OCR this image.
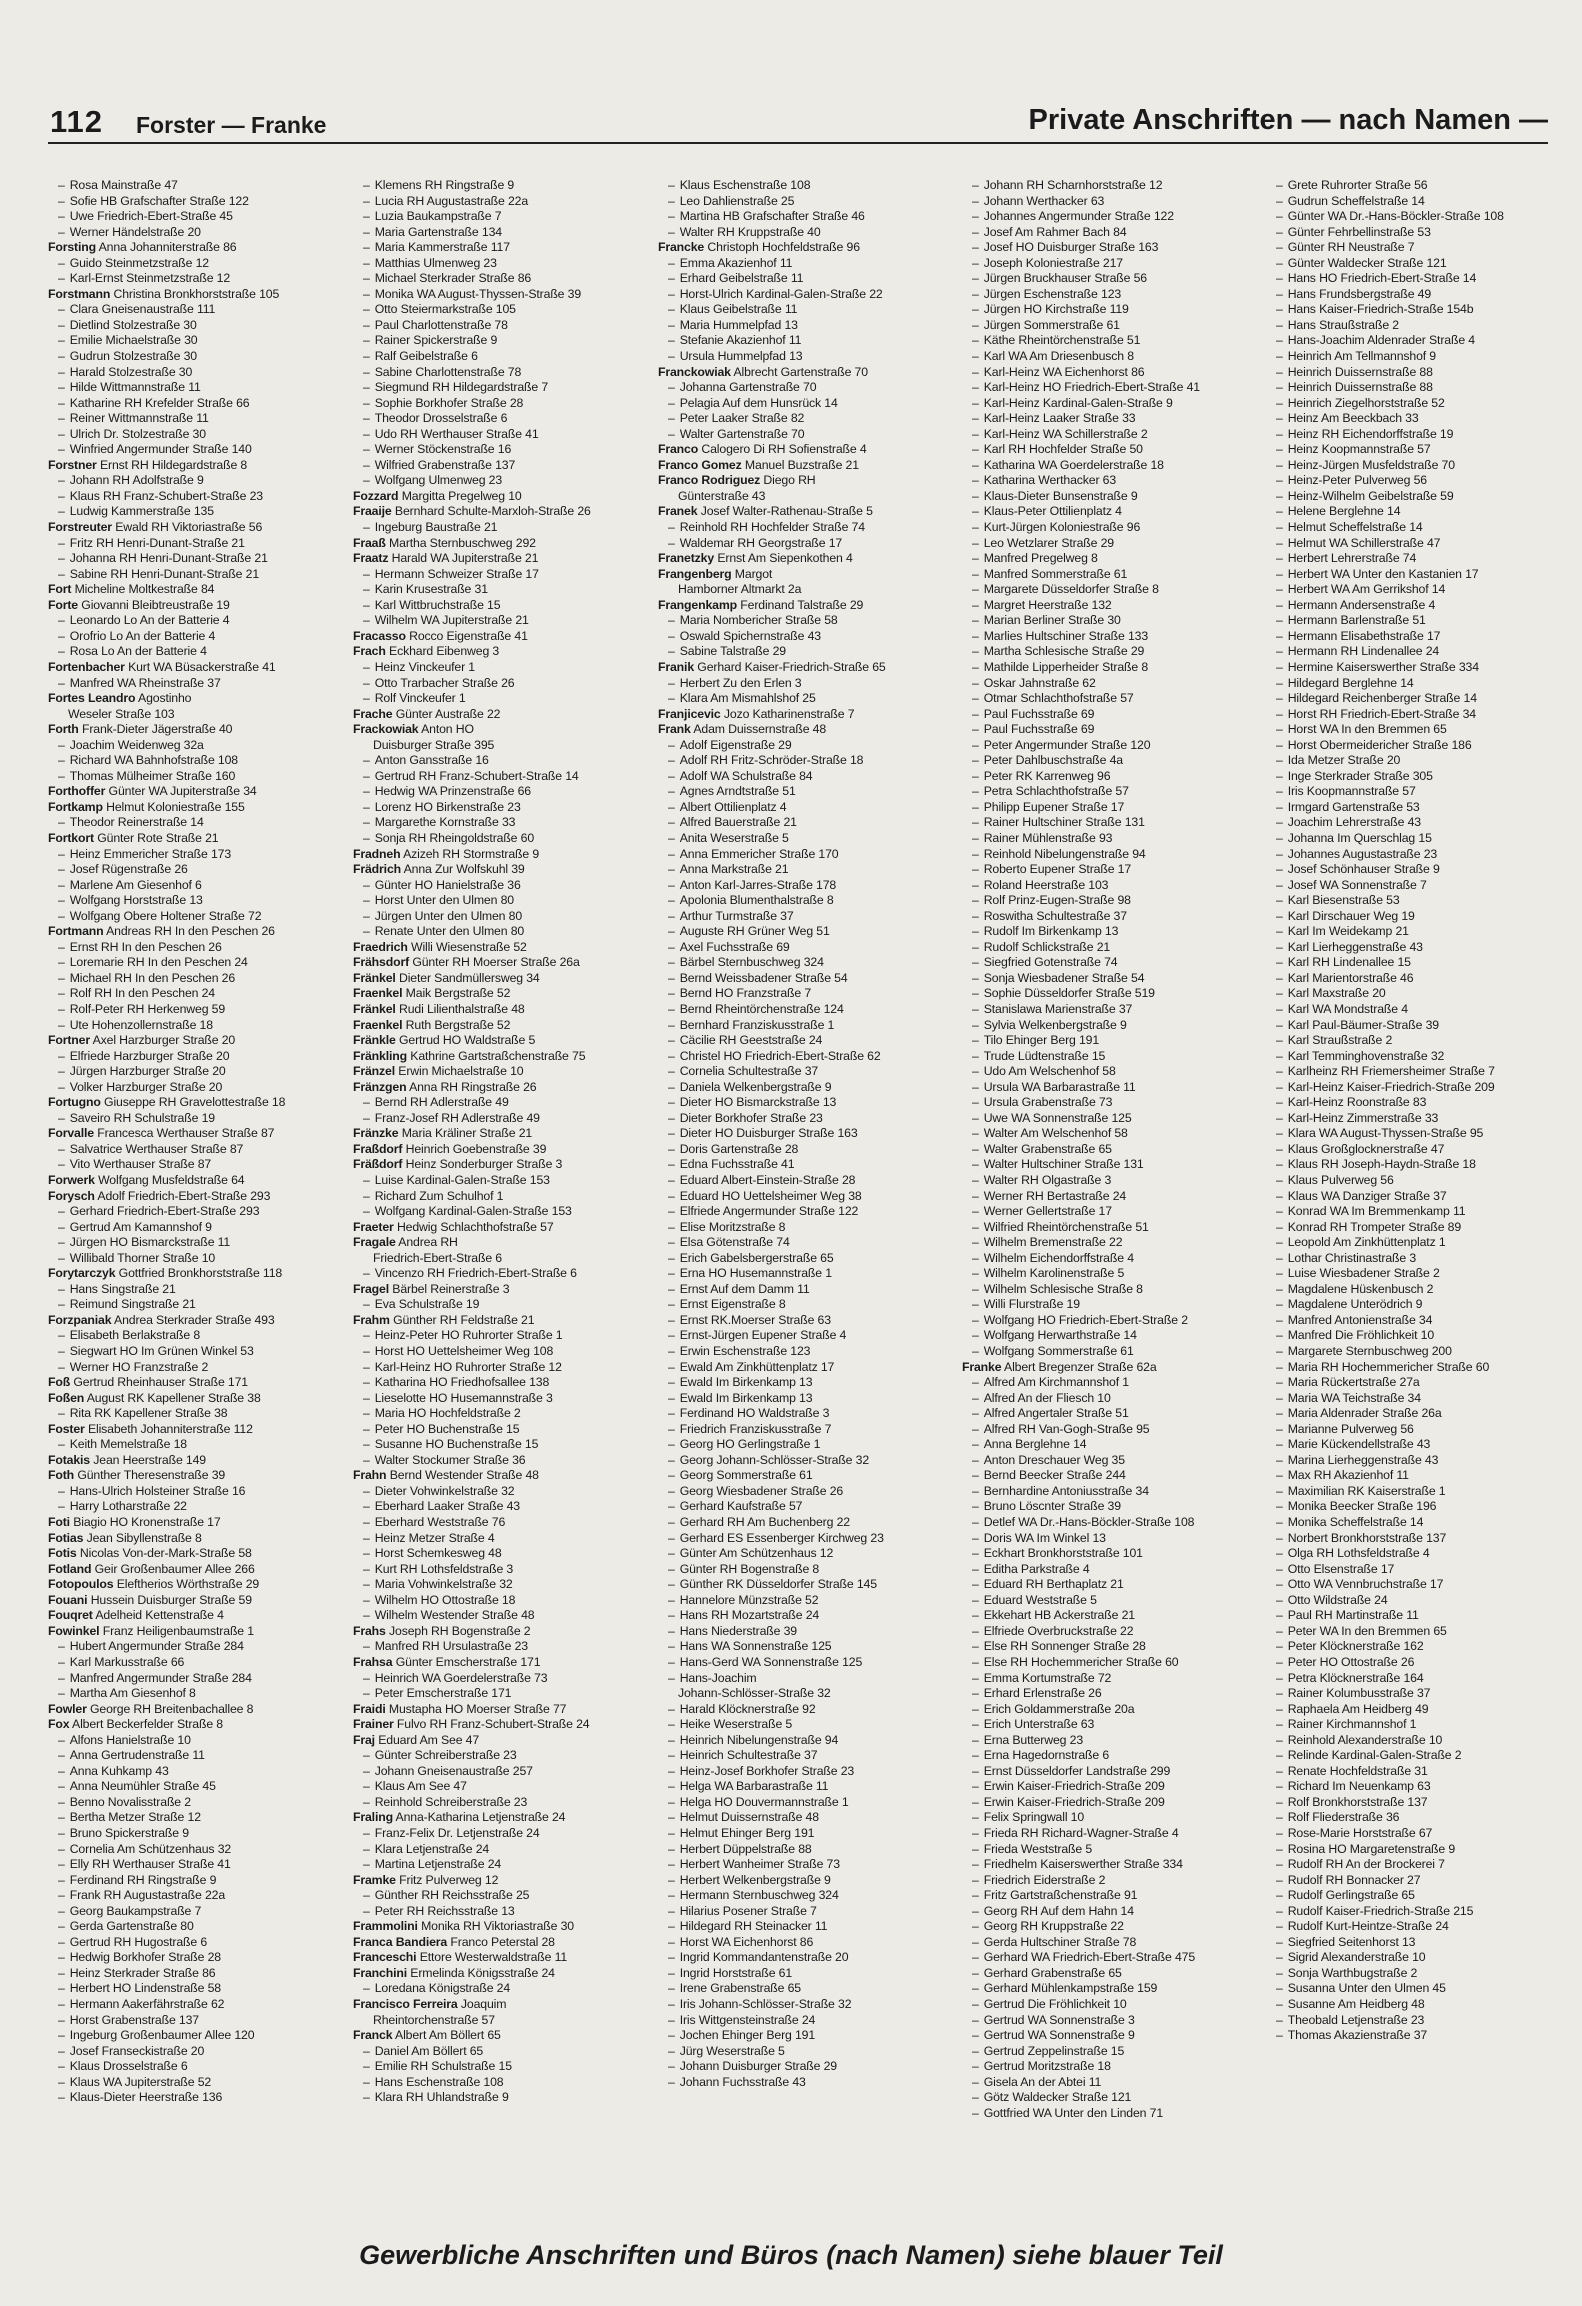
112 Forster — Franke	Private Anschriften — nach Namen —
– Rosa Mainstraße 47
– Sofie HB Grafschafter Straße 122
– Uwe Friedrich-Ebert-Straße 45
– Werner Händelstraße 20
Forsting Anna Johanniterstraße 86
– Guido Steinmetzstraße 12
– Karl-Ernst Steinmetzstraße 12
Forstmann Christina Bronkhorststraße 105
– Clara Gneisenaustraße 111
– Dietlind Stolzestraße 30
– Emilie Michaelstraße 30
– Gudrun Stolzestraße 30
– Harald Stolzestraße 30
– Hilde Wittmannstraße 11
– Katharine RH Krefelder Straße 66
– Reiner Wittmannstraße 11
– Ulrich Dr. Stolzestraße 30
– Winfried Angermunder Straße 140
Forstner Ernst RH Hildegardstraße 8
– Johann RH Adolfstraße 9
– Klaus RH Franz-Schubert-Straße 23
– Ludwig Kammerstraße 135
Forstreuter Ewald RH Viktoriastraße 56
– Fritz RH Henri-Dunant-Straße 21
– Johanna RH Henri-Dunant-Straße 21
– Sabine RH Henri-Dunant-Straße 21
Fort Micheline Moltkestraße 84
Forte Giovanni Bleibtreustraße 19
– Leonardo Lo An der Batterie 4
– Orofrio Lo An der Batterie 4
– Rosa Lo An der Batterie 4
Fortenbacher Kurt WA Büsackerstraße 41
– Manfred WA Rheinstraße 37
Fortes Leandro Agostinho
Weseler Straße 103
Forth Frank-Dieter Jägerstraße 40
– Joachim Weidenweg 32a
– Richard WA Bahnhofstraße 108
– Thomas Mülheimer Straße 160
Forthoffer Günter WA Jupiterstraße 34
Fortkamp Helmut Koloniestraße 155
– Theodor Reinerstraße 14
Fortkort Günter Rote Straße 21
– Heinz Emmericher Straße 173
– Josef Rügenstraße 26
– Marlene Am Giesenhof 6
– Wolfgang Horststraße 13
– Wolfgang Obere Holtener Straße 72
Fortmann Andreas RH In den Peschen 26
– Ernst RH In den Peschen 26
– Loremarie RH In den Peschen 24
– Michael RH In den Peschen 26
– Rolf RH In den Peschen 24
– Rolf-Peter RH Herkenweg 59
– Ute Hohenzollernstraße 18
Fortner Axel Harzburger Straße 20
– Elfriede Harzburger Straße 20
– Jürgen Harzburger Straße 20
– Volker Harzburger Straße 20
Fortugno Giuseppe RH Gravelottestraße 18
– Saveiro RH Schulstraße 19
Forvalle Francesca Werthauser Straße 87
– Salvatrice Werthauser Straße 87
– Vito Werthauser Straße 87
Forwerk Wolfgang Musfeldstraße 64
Forysch Adolf Friedrich-Ebert-Straße 293
– Gerhard Friedrich-Ebert-Straße 293
– Gertrud Am Kamannshof 9
– Jürgen HO Bismarckstraße 11
– Willibald Thorner Straße 10
Forytarczyk Gottfried Bronkhorststraße 118
– Hans Singstraße 21
– Reimund Singstraße 21
Forzpaniak Andrea Sterkrader Straße 493
– Elisabeth Berlakstraße 8
– Siegwart HO Im Grünen Winkel 53
– Werner HO Franzstraße 2
Foß Gertrud Rheinhauser Straße 171
Foßen August RK Kapellener Straße 38
– Rita RK Kapellener Straße 38
Foster Elisabeth Johanniterstraße 112
– Keith Memelstraße 18
Fotakis Jean Heerstraße 149
Foth Günther Theresenstraße 39
– Hans-Ulrich Holsteiner Straße 16
– Harry Lotharstraße 22
Foti Biagio HO Kronenstraße 17
Fotias Jean Sibyllenstraße 8
Fotis Nicolas Von-der-Mark-Straße 58
Fotland Geir Großenbaumer Allee 266
Fotopoulos Eleftherios Wörthstraße 29
Fouani Hussein Duisburger Straße 59
Fouqret Adelheid Kettenstraße 4
Fowinkel Franz Heiligenbaumstraße 1
– Hubert Angermunder Straße 284
– Karl Markusstraße 66
– Manfred Angermunder Straße 284
– Martha Am Giesenhof 8
Fowler George RH Breitenbachallee 8
Fox Albert Beckerfelder Straße 8
– Alfons Hanielstraße 10
– Anna Gertrudenstraße 11
– Anna Kuhkamp 43
– Anna Neumühler Straße 45
– Benno Novalisstraße 2
– Bertha Metzer Straße 12
– Bruno Spickerstraße 9
– Cornelia Am Schützenhaus 32
– Elly RH Werthauser Straße 41
– Ferdinand RH Ringstraße 9
– Frank RH Augustastraße 22a
– Georg Baukampstraße 7
– Gerda Gartenstraße 80
– Gertrud RH Hugostraße 6
– Hedwig Borkhofer Straße 28
– Heinz Sterkrader Straße 86
– Herbert HO Lindenstraße 58
– Hermann Aakerfährstraße 62
– Horst Grabenstraße 137
– Ingeburg Großenbaumer Allee 120
– Josef Franseckistraße 20
– Klaus Drosselstraße 6
– Klaus WA Jupiterstraße 52
– Klaus-Dieter Heerstraße 136
– Klemens RH Ringstraße 9
– Lucia RH Augustastraße 22a
– Luzia Baukampstraße 7
– Maria Gartenstraße 134
– Maria Kammerstraße 117
– Matthias Ulmenweg 23
– Michael Sterkrader Straße 86
– Monika WA August-Thyssen-Straße 39
– Otto Steiermarkstraße 105
– Paul Charlottenstraße 78
– Rainer Spickerstraße 9
– Ralf Geibelstraße 6
– Sabine Charlottenstraße 78
– Siegmund RH Hildegardstraße 7
– Sophie Borkhofer Straße 28
– Theodor Drosselstraße 6
– Udo RH Werthauser Straße 41
– Werner Stöckenstraße 16
– Wilfried Grabenstraße 137
– Wolfgang Ulmenweg 23
Fozzard Margitta Pregelweg 10
Fraaije Bernhard Schulte-Marxloh-Straße 26
– Ingeburg Baustraße 21
Fraaß Martha Sternbuschweg 292
Fraatz Harald WA Jupiterstraße 21
– Hermann Schweizer Straße 17
– Karin Krusestraße 31
– Karl Wittbruchstraße 15
– Wilhelm WA Jupiterstraße 21
Fracasso Rocco Eigenstraße 41
Frach Eckhard Eibenweg 3
– Heinz Vinckeufer 1
– Otto Trarbacher Straße 26
– Rolf Vinckeufer 1
Frache Günter Austraße 22
Frackowiak Anton HO
Duisburger Straße 395
– Anton Gansstraße 16
– Gertrud RH Franz-Schubert-Straße 14
– Hedwig WA Prinzenstraße 66
– Lorenz HO Birkenstraße 23
– Margarethe Kornstraße 33
– Sonja RH Rheingoldstraße 60
Fradneh Azizeh RH Stormstraße 9
Frädrich Anna Zur Wolfskuhl 39
– Günter HO Hanielstraße 36
– Horst Unter den Ulmen 80
– Jürgen Unter den Ulmen 80
– Renate Unter den Ulmen 80
Fraedrich Willi Wiesenstraße 52
Frähsdorf Günter RH Moerser Straße 26a
Fränkel Dieter Sandmüllersweg 34
Fraenkel Maik Bergstraße 52
Fränkel Rudi Lilienthalstraße 48
Fraenkel Ruth Bergstraße 52
Fränkle Gertrud HO Waldstraße 5
Fränkling Kathrine Gartstraßchenstraße 75
Fränzel Erwin Michaelstraße 10
Fränzgen Anna RH Ringstraße 26
– Bernd RH Adlerstraße 49
– Franz-Josef RH Adlerstraße 49
Fränzke Maria Kräliner Straße 21
Fraßdorf Heinrich Goebenstraße 39
Fräßdorf Heinz Sonderburger Straße 3
– Luise Kardinal-Galen-Straße 153
– Richard Zum Schulhof 1
– Wolfgang Kardinal-Galen-Straße 153
Fraeter Hedwig Schlachthofstraße 57
Fragale Andrea RH
Friedrich-Ebert-Straße 6
– Vincenzo RH Friedrich-Ebert-Straße 6
Fragel Bärbel Reinerstraße 3
– Eva Schulstraße 19
Frahm Günther RH Feldstraße 21
– Heinz-Peter HO Ruhrorter Straße 1
– Horst HO Uettelsheimer Weg 108
– Karl-Heinz HO Ruhrorter Straße 12
– Katharina HO Friedhofsallee 138
– Lieselotte HO Husemannstraße 3
– Maria HO Hochfeldstraße 2
– Peter HO Buchenstraße 15
– Susanne HO Buchenstraße 15
– Walter Stockumer Straße 36
Frahn Bernd Westender Straße 48
– Dieter Vohwinkelstraße 32
– Eberhard Laaker Straße 43
– Eberhard Weststraße 76
– Heinz Metzer Straße 4
– Horst Schemkesweg 48
– Kurt RH Lothsfeldstraße 3
– Maria Vohwinkelstraße 32
– Wilhelm HO Ottostraße 18
– Wilhelm Westender Straße 48
Frahs Joseph RH Bogenstraße 2
– Manfred RH Ursulastraße 23
Frahsa Günter Emscherstraße 171
– Heinrich WA Goerdelerstraße 73
– Peter Emscherstraße 171
Fraidi Mustapha HO Moerser Straße 77
Frainer Fulvo RH Franz-Schubert-Straße 24
Fraj Eduard Am See 47
– Günter Schreiberstraße 23
– Johann Gneisenaustraße 257
– Klaus Am See 47
– Reinhold Schreiberstraße 23
Fraling Anna-Katharina Letjenstraße 24
– Franz-Felix Dr. Letjenstraße 24
– Klara Letjenstraße 24
– Martina Letjenstraße 24
Framke Fritz Pulverweg 12
– Günther RH Reichsstraße 25
– Peter RH Reichsstraße 13
Frammolini Monika RH Viktoriastraße 30
Franca Bandiera Franco Peterstal 28
Franceschi Ettore Westerwaldstraße 11
Franchini Ermelinda Königsstraße 24
– Loredana Königstraße 24
Francisco Ferreira Joaquim
Rheintorchenstraße 57
Franck Albert Am Böllert 65
– Daniel Am Böllert 65
– Emilie RH Schulstraße 15
– Hans Eschenstraße 108
– Klara RH Uhlandstraße 9
– Klaus Eschenstraße 108
– Leo Dahlienstraße 25
– Martina HB Grafschafter Straße 46
– Walter RH Kruppstraße 40
Francke Christoph Hochfeldstraße 96
– Emma Akazienhof 11
– Erhard Geibelstraße 11
– Horst-Ulrich Kardinal-Galen-Straße 22
– Klaus Geibelstraße 11
– Maria Hummelpfad 13
– Stefanie Akazienhof 11
– Ursula Hummelpfad 13
Franckowiak Albrecht Gartenstraße 70
– Johanna Gartenstraße 70
– Pelagia Auf dem Hunsrück 14
– Peter Laaker Straße 82
– Walter Gartenstraße 70
Franco Calogero Di RH Sofienstraße 4
Franco Gomez Manuel Buzstraße 21
Franco Rodriguez Diego RH
Günterstraße 43
Franek Josef Walter-Rathenau-Straße 5
– Reinhold RH Hochfelder Straße 74
– Waldemar RH Georgstraße 17
Franetzky Ernst Am Siepenkothen 4
Frangenberg Margot
Hamborner Altmarkt 2a
Frangenkamp Ferdinand Talstraße 29
– Maria Nombericher Straße 58
– Oswald Spichernstraße 43
– Sabine Talstraße 29
Franik Gerhard Kaiser-Friedrich-Straße 65
– Herbert Zu den Erlen 3
– Klara Am Mismahlshof 25
Franjicevic Jozo Katharinenstraße 7
Frank Adam Duissernstraße 48
– Adolf Eigenstraße 29
– Adolf RH Fritz-Schröder-Straße 18
– Adolf WA Schulstraße 84
– Agnes Arndtstraße 51
– Albert Ottilienplatz 4
– Alfred Bauerstraße 21
– Anita Weserstraße 5
– Anna Emmericher Straße 170
– Anna Markstraße 21
– Anton Karl-Jarres-Straße 178
– Apolonia Blumenthalstraße 8
– Arthur Turmstraße 37
– Auguste RH Grüner Weg 51
– Axel Fuchsstraße 69
– Bärbel Sternbuschweg 324
– Bernd Weissbadener Straße 54
– Bernd HO Franzstraße 7
– Bernd Rheintörchenstraße 124
– Bernhard Franziskusstraße 1
– Cäcilie RH Geeststraße 24
– Christel HO Friedrich-Ebert-Straße 62
– Cornelia Schultestraße 37
– Daniela Welkenbergstraße 9
– Dieter HO Bismarckstraße 13
– Dieter Borkhofer Straße 23
– Dieter HO Duisburger Straße 163
– Doris Gartenstraße 28
– Edna Fuchsstraße 41
– Eduard Albert-Einstein-Straße 28
– Eduard HO Uettelsheimer Weg 38
– Elfriede Angermunder Straße 122
– Elise Moritzstraße 8
– Elsa Götenstraße 74
– Erich Gabelsbergerstraße 65
– Erna HO Husemannstraße 1
– Ernst Auf dem Damm 11
– Ernst Eigenstraße 8
– Ernst RK.Moerser Straße 63
– Ernst-Jürgen Eupener Straße 4
– Erwin Eschenstraße 123
– Ewald Am Zinkhüttenplatz 17
– Ewald Im Birkenkamp 13
– Ewald Im Birkenkamp 13
– Ferdinand HO Waldstraße 3
– Friedrich Franziskusstraße 7
– Georg HO Gerlingstraße 1
– Georg Johann-Schlösser-Straße 32
– Georg Sommerstraße 61
– Georg Wiesbadener Straße 26
– Gerhard Kaufstraße 57
– Gerhard RH Am Buchenberg 22
– Gerhard ES Essenberger Kirchweg 23
– Günter Am Schützenhaus 12
– Günter RH Bogenstraße 8
– Günther RK Düsseldorfer Straße 145
– Hannelore Münzstraße 52
– Hans RH Mozartstraße 24
– Hans Niederstraße 39
– Hans WA Sonnenstraße 125
– Hans-Gerd WA Sonnenstraße 125
– Hans-Joachim
Johann-Schlösser-Straße 32
– Harald Klöcknerstraße 92
– Heike Weserstraße 5
– Heinrich Nibelungenstraße 94
– Heinrich Schultestraße 37
– Heinz-Josef Borkhofer Straße 23
– Helga WA Barbarastraße 11
– Helga HO Douvermannstraße 1
– Helmut Duissernstraße 48
– Helmut Ehinger Berg 191
– Herbert Düppelstraße 88
– Herbert Wanheimer Straße 73
– Herbert Welkenbergstraße 9
– Hermann Sternbuschweg 324
– Hilarius Posener Straße 7
– Hildegard RH Steinacker 11
– Horst WA Eichenhorst 86
– Ingrid Kommandantenstraße 20
– Ingrid Horststraße 61
– Irene Grabenstraße 65
– Iris Johann-Schlösser-Straße 32
– Iris Wittgensteinstraße 24
– Jochen Ehinger Berg 191
– Jürg Weserstraße 5
– Johann Duisburger Straße 29
– Johann Fuchsstraße 43
– Johann RH Scharnhorststraße 12
– Johann Werthacker 63
– Johannes Angermunder Straße 122
– Josef Am Rahmer Bach 84
– Josef HO Duisburger Straße 163
– Joseph Koloniestraße 217
– Jürgen Bruckhauser Straße 56
– Jürgen Eschenstraße 123
– Jürgen HO Kirchstraße 119
– Jürgen Sommerstraße 61
– Käthe Rheintörchenstraße 51
– Karl WA Am Driesenbusch 8
– Karl-Heinz WA Eichenhorst 86
– Karl-Heinz HO Friedrich-Ebert-Straße 41
– Karl-Heinz Kardinal-Galen-Straße 9
– Karl-Heinz Laaker Straße 33
– Karl-Heinz WA Schillerstraße 2
– Karl RH Hochfelder Straße 50
– Katharina WA Goerdelerstraße 18
– Katharina Werthacker 63
– Klaus-Dieter Bunsenstraße 9
– Klaus-Peter Ottilienplatz 4
– Kurt-Jürgen Koloniestraße 96
– Leo Wetzlarer Straße 29
– Manfred Pregelweg 8
– Manfred Sommerstraße 61
– Margarete Düsseldorfer Straße 8
– Margret Heerstraße 132
– Marian Berliner Straße 30
– Marlies Hultschiner Straße 133
– Martha Schlesische Straße 29
– Mathilde Lipperheider Straße 8
– Oskar Jahnstraße 62
– Otmar Schlachthofstraße 57
– Paul Fuchsstraße 69
– Paul Fuchsstraße 69
– Peter Angermunder Straße 120
– Peter Dahlbuschstraße 4a
– Peter RK Karrenweg 96
– Petra Schlachthofstraße 57
– Philipp Eupener Straße 17
– Rainer Hultschiner Straße 131
– Rainer Mühlenstraße 93
– Reinhold Nibelungenstraße 94
– Roberto Eupener Straße 17
– Roland Heerstraße 103
– Rolf Prinz-Eugen-Straße 98
– Roswitha Schultestraße 37
– Rudolf Im Birkenkamp 13
– Rudolf Schlickstraße 21
– Siegfried Gotenstraße 74
– Sonja Wiesbadener Straße 54
– Sophie Düsseldorfer Straße 519
– Stanislawa Marienstraße 37
– Sylvia Welkenbergstraße 9
– Tilo Ehinger Berg 191
– Trude Lüdtenstraße 15
– Udo Am Welschenhof 58
– Ursula WA Barbarastraße 11
– Ursula Grabenstraße 73
– Uwe WA Sonnenstraße 125
– Walter Am Welschenhof 58
– Walter Grabenstraße 65
– Walter Hultschiner Straße 131
– Walter RH Olgastraße 3
– Werner RH Bertastraße 24
– Werner Gellertstraße 17
– Wilfried Rheintörchenstraße 51
– Wilhelm Bremenstraße 22
– Wilhelm Eichendorffstraße 4
– Wilhelm Karolinenstraße 5
– Wilhelm Schlesische Straße 8
– Willi Flurstraße 19
– Wolfgang HO Friedrich-Ebert-Straße 2
– Wolfgang Herwarthstraße 14
– Wolfgang Sommerstraße 61
Franke Albert Bregenzer Straße 62a
– Alfred Am Kirchmannshof 1
– Alfred An der Fliesch 10
– Alfred Angertaler Straße 51
– Alfred RH Van-Gogh-Straße 95
– Anna Berglehne 14
– Anton Dreschauer Weg 35
– Bernd Beecker Straße 244
– Bernhardine Antoniusstraße 34
– Bruno Löscnter Straße 39
– Detlef WA Dr.-Hans-Böckler-Straße 108
– Doris WA Im Winkel 13
– Eckhart Bronkhorststraße 101
– Editha Parkstraße 4
– Eduard RH Berthaplatz 21
– Eduard Weststraße 5
– Ekkehart HB Ackerstraße 21
– Elfriede Overbruckstraße 22
– Else RH Sonnenger Straße 28
– Else RH Hochemmericher Straße 60
– Emma Kortumstraße 72
– Erhard Erlenstraße 26
– Erich Goldammerstraße 20a
– Erich Unterstraße 63
– Erna Butterweg 23
– Erna Hagedornstraße 6
– Ernst Düsseldorfer Landstraße 299
– Erwin Kaiser-Friedrich-Straße 209
– Erwin Kaiser-Friedrich-Straße 209
– Felix Springwall 10
– Frieda RH Richard-Wagner-Straße 4
– Frieda Weststraße 5
– Friedhelm Kaiserswerther Straße 334
– Friedrich Eiderstraße 2
– Fritz Gartstraßchenstraße 91
– Georg RH Auf dem Hahn 14
– Georg RH Kruppstraße 22
– Gerda Hultschiner Straße 78
– Gerhard WA Friedrich-Ebert-Straße 475
– Gerhard Grabenstraße 65
– Gerhard Mühlenkampstraße 159
– Gertrud Die Fröhlichkeit 10
– Gertrud WA Sonnenstraße 3
– Gertrud WA Sonnenstraße 9
– Gertrud Zeppelinstraße 15
– Gertrud Moritzstraße 18
– Gisela An der Abtei 11
– Götz Waldecker Straße 121
– Gottfried WA Unter den Linden 71
– Grete Ruhrorter Straße 56
– Gudrun Scheffelstraße 14
– Günter WA Dr.-Hans-Böckler-Straße 108
– Günter Fehrbellinstraße 53
– Günter RH Neustraße 7
– Günter Waldecker Straße 121
– Hans HO Friedrich-Ebert-Straße 14
– Hans Frundsbergstraße 49
– Hans Kaiser-Friedrich-Straße 154b
– Hans Straußstraße 2
– Hans-Joachim Aldenrader Straße 4
– Heinrich Am Tellmannshof 9
– Heinrich Duissernstraße 88
– Heinrich Duissernstraße 88
– Heinrich Ziegelhorststraße 52
– Heinz Am Beeckbach 33
– Heinz RH Eichendorffstraße 19
– Heinz Koopmannstraße 57
– Heinz-Jürgen Musfeldstraße 70
– Heinz-Peter Pulverweg 56
– Heinz-Wilhelm Geibelstraße 59
– Helene Berglehne 14
– Helmut Scheffelstraße 14
– Helmut WA Schillerstraße 47
– Herbert Lehrerstraße 74
– Herbert WA Unter den Kastanien 17
– Herbert WA Am Gerrikshof 14
– Hermann Andersenstraße 4
– Hermann Barlenstraße 51
– Hermann Elisabethstraße 17
– Hermann RH Lindenallee 24
– Hermine Kaiserswerther Straße 334
– Hildegard Berglehne 14
– Hildegard Reichenberger Straße 14
– Horst RH Friedrich-Ebert-Straße 34
– Horst WA In den Bremmen 65
– Horst Obermeidericher Straße 186
– Ida Metzer Straße 20
– Inge Sterkrader Straße 305
– Iris Koopmannstraße 57
– Irmgard Gartenstraße 53
– Joachim Lehrerstraße 43
– Johanna Im Querschlag 15
– Johannes Augustastraße 23
– Josef Schönhauser Straße 9
– Josef WA Sonnenstraße 7
– Karl Biesenstraße 53
– Karl Dirschauer Weg 19
– Karl Im Weidekamp 21
– Karl Lierheggenstraße 43
– Karl RH Lindenallee 15
– Karl Marientorstraße 46
– Karl Maxstraße 20
– Karl WA Mondstraße 4
– Karl Paul-Bäumer-Straße 39
– Karl Straußstraße 2
– Karl Temminghovenstraße 32
– Karlheinz RH Friemersheimer Straße 7
– Karl-Heinz Kaiser-Friedrich-Straße 209
– Karl-Heinz Roonstraße 83
– Karl-Heinz Zimmerstraße 33
– Klara WA August-Thyssen-Straße 95
– Klaus Großglocknerstraße 47
– Klaus RH Joseph-Haydn-Straße 18
– Klaus Pulverweg 56
– Klaus WA Danziger Straße 37
– Konrad WA Im Bremmenkamp 11
– Konrad RH Trompeter Straße 89
– Leopold Am Zinkhüttenplatz 1
– Lothar Christinastraße 3
– Luise Wiesbadener Straße 2
– Magdalene Hüskenbusch 2
– Magdalene Unterödrich 9
– Manfred Antonienstraße 34
– Manfred Die Fröhlichkeit 10
– Margarete Sternbuschweg 200
– Maria RH Hochemmericher Straße 60
– Maria Rückertstraße 27a
– Maria WA Teichstraße 34
– Maria Aldenrader Straße 26a
– Marianne Pulverweg 56
– Marie Kückendellstraße 43
– Marina Lierheggenstraße 43
– Max RH Akazienhof 11
– Maximilian RK Kaiserstraße 1
– Monika Beecker Straße 196
– Monika Scheffelstraße 14
– Norbert Bronkhorststraße 137
– Olga RH Lothsfeldstraße 4
– Otto Elsenstraße 17
– Otto WA Vennbruchstraße 17
– Otto Wildstraße 24
– Paul RH Martinstraße 11
– Peter WA In den Bremmen 65
– Peter Klöcknerstraße 162
– Peter HO Ottostraße 26
– Petra Klöcknerstraße 164
– Rainer Kolumbusstraße 37
– Raphaela Am Heidberg 49
– Rainer Kirchmannshof 1
– Reinhold Alexanderstraße 10
– Relinde Kardinal-Galen-Straße 2
– Renate Hochfeldstraße 31
– Richard Im Neuenkamp 63
– Rolf Bronkhorststraße 137
– Rolf Fliederstraße 36
– Rose-Marie Horststraße 67
– Rosina HO Margaretenstraße 9
– Rudolf RH An der Brockerei 7
– Rudolf RH Bonnacker 27
– Rudolf Gerlingstraße 65
– Rudolf Kaiser-Friedrich-Straße 215
– Rudolf Kurt-Heintze-Straße 24
– Siegfried Seitenhorst 13
– Sigrid Alexanderstraße 10
– Sonja Warthbugstraße 2
– Susanna Unter den Ulmen 45
– Susanne Am Heidberg 48
– Theobald Letjenstraße 23
– Thomas Akazienstraße 37
Gewerbliche Anschriften und Büros (nach Namen) siehe blauer Teil
